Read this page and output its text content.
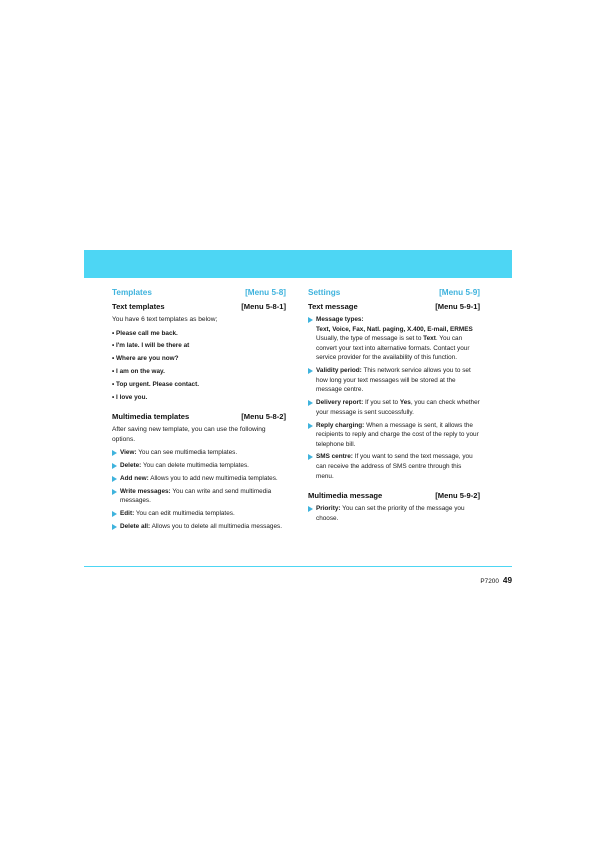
Templates	[Menu 5-8]
Text templates	[Menu 5-8-1]

You have 6 text templates as below;

• Please call me back.
• I'm late. I will be there at
• Where are you now?
• I am on the way.
• Top urgent. Please contact.
• I love you.
Multimedia templates	[Menu 5-8-2]

After saving new template, you can use the following options.

View: You can see multimedia templates.
Delete: You can delete multimedia templates.
Add new: Allows you to add new multimedia templates.
Write messages: You can write and send multimedia messages.
Edit: You can edit multimedia templates.
Delete all: Allows you to delete all multimedia messages.
Settings	[Menu 5-9]
Text message	[Menu 5-9-1]
Message types:
Text, Voice, Fax, Natl. paging, X.400, E-mail, ERMES
Usually, the type of message is set to Text. You can convert your text into alternative formats. Contact your service provider for the availability of this function.
Validity period: This network service allows you to set how long your text messages will be stored at the message centre.
Delivery report: If you set to Yes, you can check whether your message is sent successfully.
Reply charging: When a message is sent, it allows the recipients to reply and charge the cost of the reply to your telephone bill.
SMS centre: If you want to send the text message, you can receive the address of SMS centre through this menu.
Multimedia message	[Menu 5-9-2]
Priority: You can set the priority of the message you choose.
P7200 49
